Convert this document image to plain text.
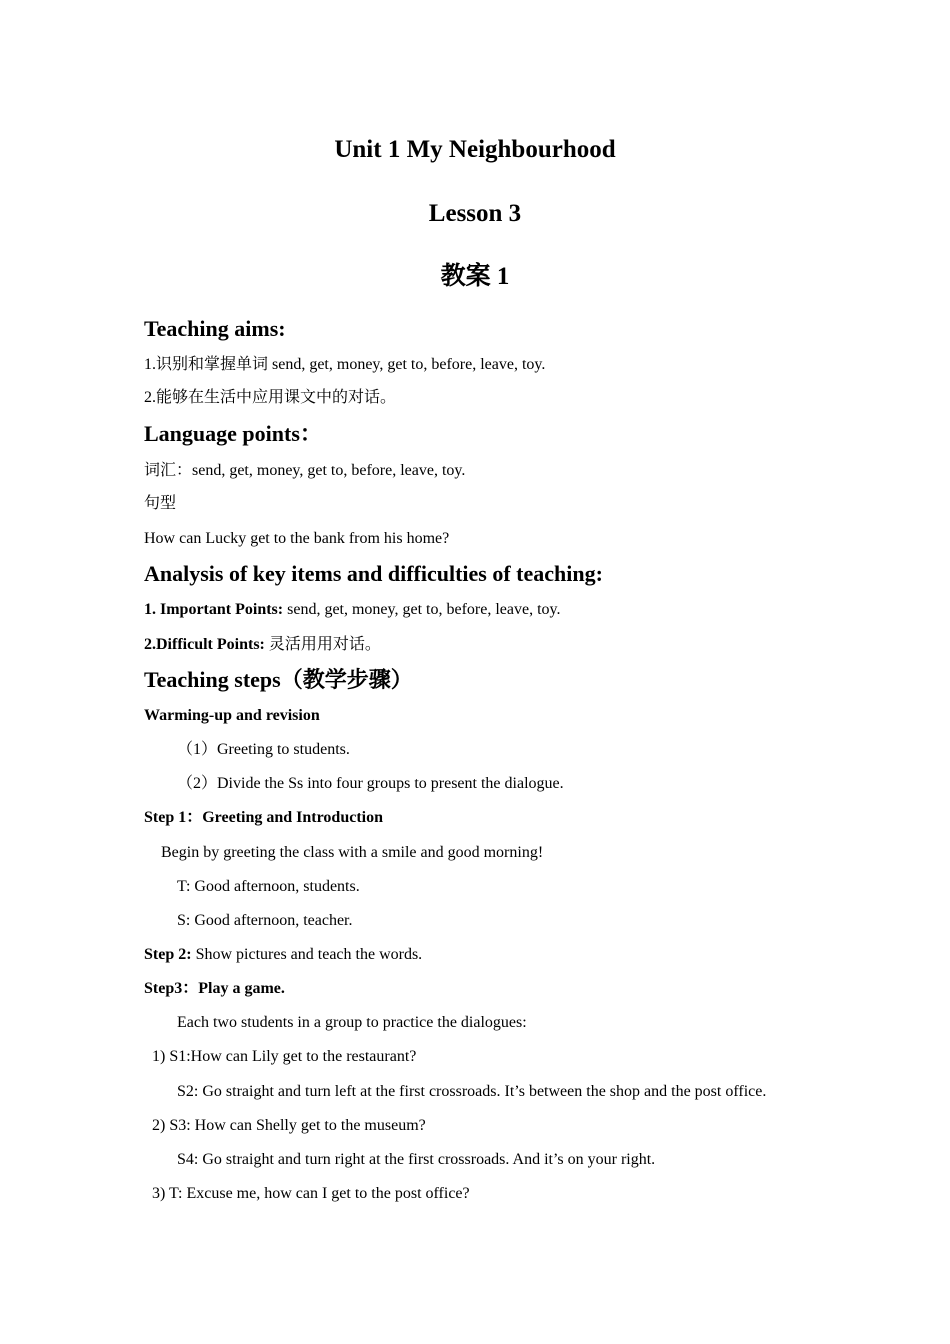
Unit 1 My Neighbourhood
Lesson 3
教案 1
Teaching aims:
1.识别和掌握单词 send, get, money, get to, before, leave, toy.
2.能够在生活中应用课文中的对话。
Language points：
词汇：send, get, money, get to, before, leave, toy.
句型
How can Lucky get to the bank from his home?
Analysis of key items and difficulties of teaching:
1. Important Points: send, get, money, get to, before, leave, toy.
2.Difficult Points: 灵活用用对话。
Teaching steps（教学步骤）
Warming-up and revision
（1）Greeting to students.
（2）Divide the Ss into four groups to present the dialogue.
Step 1：Greeting and Introduction
Begin by greeting the class with a smile and good morning!
T: Good afternoon, students.
S: Good afternoon, teacher.
Step 2: Show pictures and teach the words.
Step3：Play a game.
Each two students in a group to practice the dialogues:
1) S1:How can Lily get to the restaurant?
S2: Go straight and turn left at the first crossroads. It’s between the shop and the post office.
2) S3: How can Shelly get to the museum?
S4: Go straight and turn right at the first crossroads. And it’s on your right.
3) T: Excuse me, how can I get to the post office?
